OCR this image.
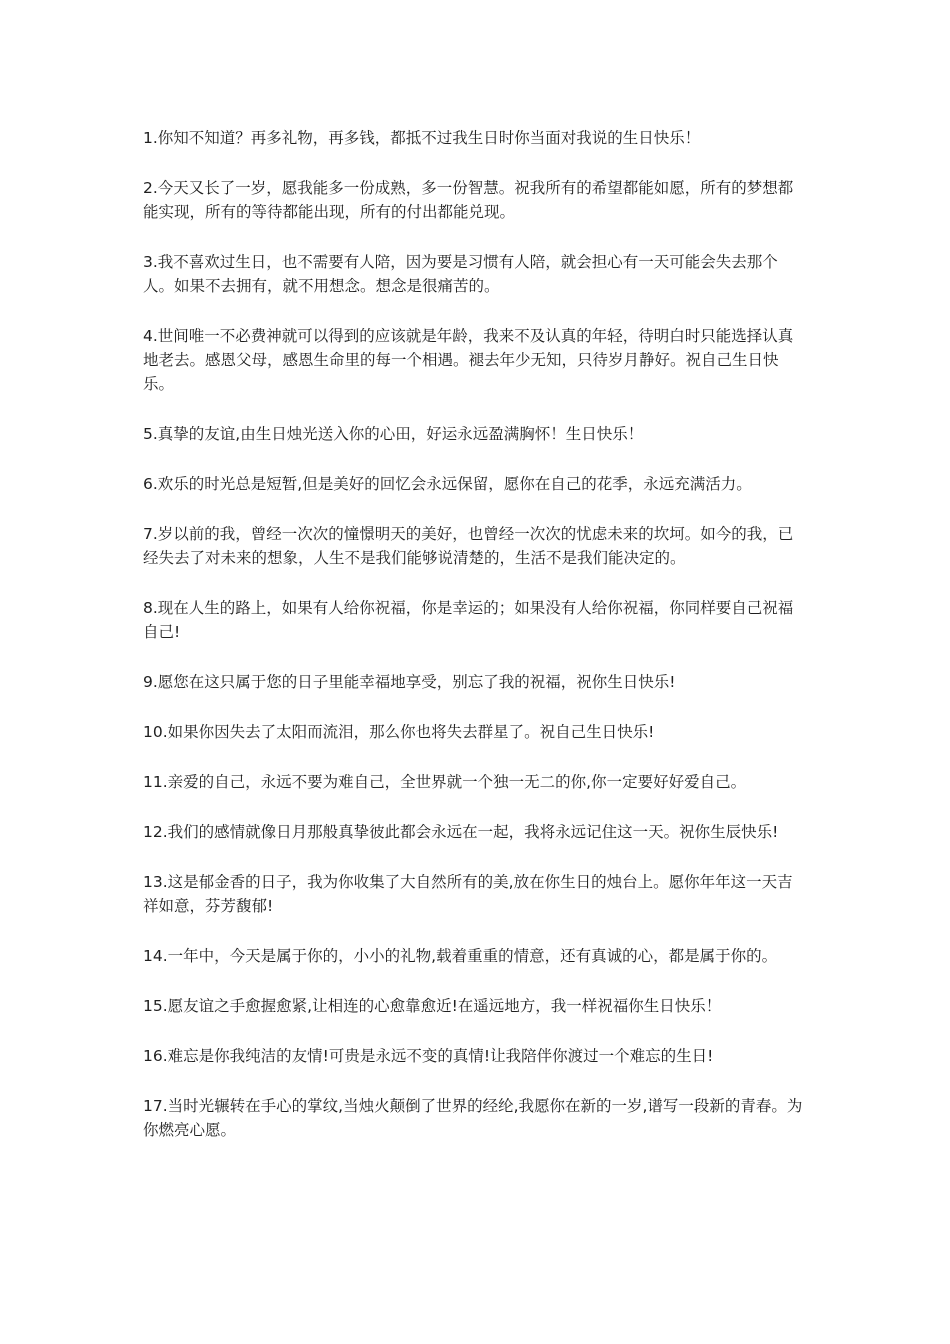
1.你知不知道？再多礼物，再多钱，都抵不过我生日时你当面对我说的生日快乐！

2.今天又长了一岁，愿我能多一份成熟，多一份智慧。祝我所有的希望都能如愿，所有的梦想都能实现，所有的等待都能出现，所有的付出都能兑现。

3.我不喜欢过生日，也不需要有人陪，因为要是习惯有人陪，就会担心有一天可能会失去那个人。如果不去拥有，就不用想念。想念是很痛苦的。

4.世间唯一不必费神就可以得到的应该就是年龄，我来不及认真的年轻，待明白时只能选择认真地老去。感恩父母，感恩生命里的每一个相遇。褪去年少无知，只待岁月静好。祝自己生日快乐。

5.真挚的友谊,由生日烛光送入你的心田，好运永远盈满胸怀！生日快乐！

6.欢乐的时光总是短暂,但是美好的回忆会永远保留，愿你在自己的花季，永远充满活力。

7.岁以前的我，曾经一次次的憧憬明天的美好，也曾经一次次的忧虑未来的坎坷。如今的我，已经失去了对未来的想象，人生不是我们能够说清楚的，生活不是我们能决定的。

8.现在人生的路上，如果有人给你祝福，你是幸运的；如果没有人给你祝福，你同样要自己祝福自己!

9.愿您在这只属于您的日子里能幸福地享受，别忘了我的祝福，祝你生日快乐!

10.如果你因失去了太阳而流泪，那么你也将失去群星了。祝自己生日快乐!

11.亲爱的自己，永远不要为难自己，全世界就一个独一无二的你,你一定要好好爱自己。

12.我们的感情就像日月那般真挚彼此都会永远在一起，我将永远记住这一天。祝你生辰快乐!

13.这是郁金香的日子，我为你收集了大自然所有的美,放在你生日的烛台上。愿你年年这一天吉祥如意，芬芳馥郁!

14.一年中，今天是属于你的，小小的礼物,载着重重的情意，还有真诚的心，都是属于你的。

15.愿友谊之手愈握愈紧,让相连的心愈靠愈近!在遥远地方，我一样祝福你生日快乐！

16.难忘是你我纯洁的友情!可贵是永远不变的真情!让我陪伴你渡过一个难忘的生日!

17.当时光辗转在手心的掌纹,当烛火颠倒了世界的经纶,我愿你在新的一岁,谱写一段新的青春。为你燃亮心愿。
